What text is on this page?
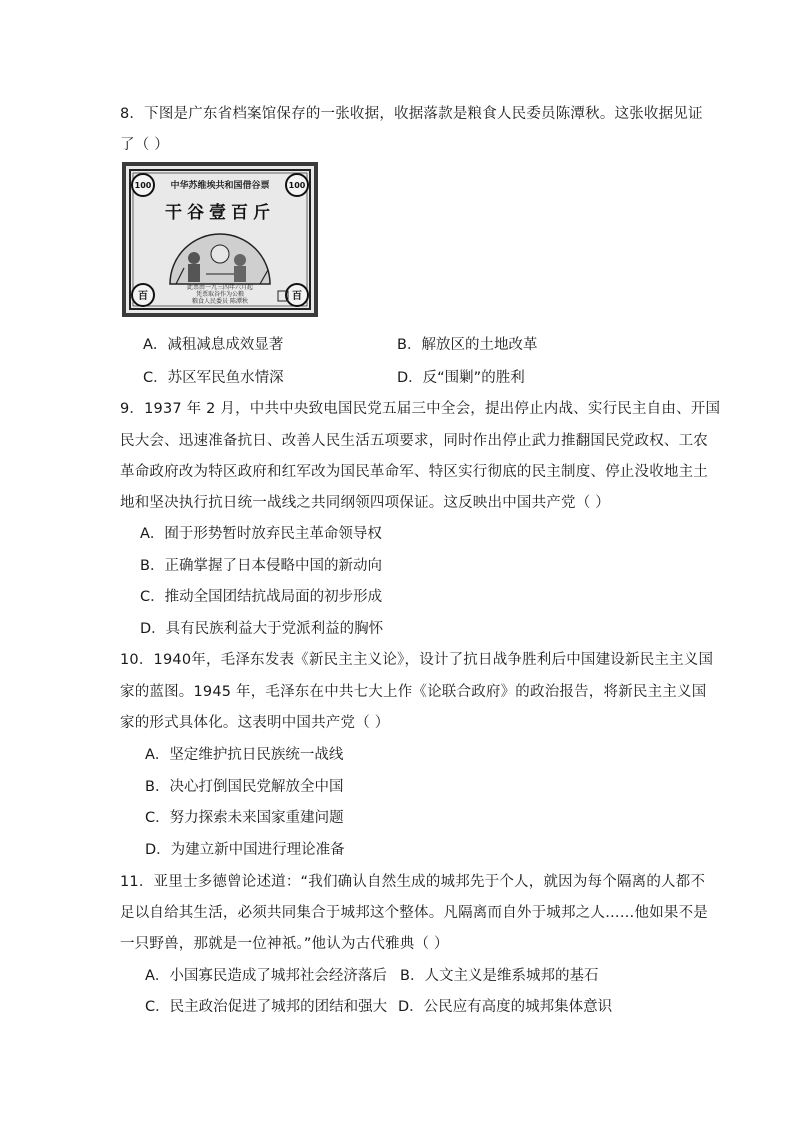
8．下图是广东省档案馆保存的一张收据，收据落款是粮食人民委员陈潭秋。这张收据见证
了（ ）
100	100
百	百
中华苏维埃共和国借谷票
干谷壹百斤
此票由一九三四年六月起
凭票取谷作为公粮
粮食人民委员 陈潭秋
A．减租减息成效显著	B．解放区的土地改革
C．苏区军民鱼水情深	D．反“围剿”的胜利
9．1937 年 2 月，中共中央致电国民党五届三中全会，提出停止内战、实行民主自由、开国
民大会、迅速准备抗日、改善人民生活五项要求，同时作出停止武力推翻国民党政权、工农
革命政府改为特区政府和红军改为国民革命军、特区实行彻底的民主制度、停止没收地主土
地和坚决执行抗日统一战线之共同纲领四项保证。这反映出中国共产党（ ）
A．囿于形势暂时放弃民主革命领导权
B．正确掌握了日本侵略中国的新动向
C．推动全国团结抗战局面的初步形成
D．具有民族利益大于党派利益的胸怀
10．1940年，毛泽东发表《新民主主义论》，设计了抗日战争胜利后中国建设新民主主义国
家的蓝图。1945 年，毛泽东在中共七大上作《论联合政府》的政治报告，将新民主主义国
家的形式具体化。这表明中国共产党（ ）
A．坚定维护抗日民族统一战线
B．决心打倒国民党解放全中国
C．努力探索未来国家重建问题
D．为建立新中国进行理论准备
11．亚里士多德曾论述道：“我们确认自然生成的城邦先于个人，就因为每个隔离的人都不
足以自给其生活，必须共同集合于城邦这个整体。凡隔离而自外于城邦之人……他如果不是
一只野兽，那就是一位神祇。”他认为古代雅典（ ）
A．小国寡民造成了城邦社会经济落后 B．人文主义是维系城邦的基石
C．民主政治促进了城邦的团结和强大 D．公民应有高度的城邦集体意识
